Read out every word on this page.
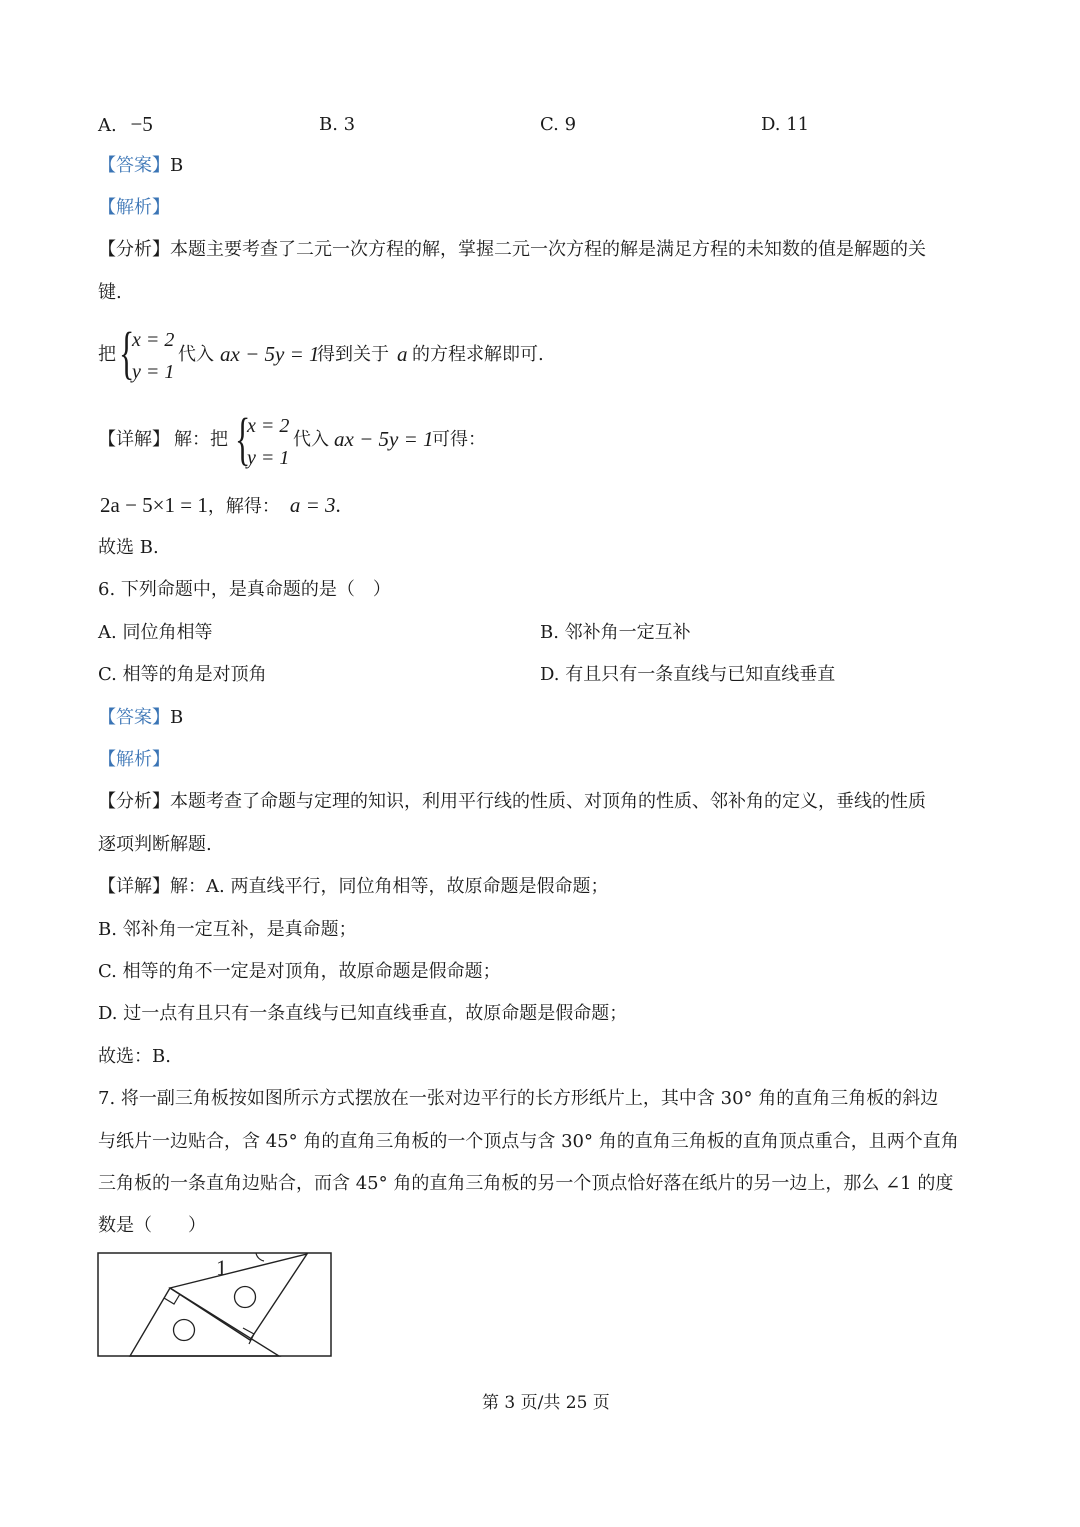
A. −5	B. 3	C. 9	D. 11
【答案】B
【解析】
【分析】本题主要考查了二元一次方程的解，掌握二元一次方程的解是满足方程的未知数的值是解题的关
键.
把 {
x = 2
y = 1
代入 ax − 5y = 1
得到关于 a 的方程求解即可.
【详解】 解：把 {
x = 2
y = 1
代入 ax − 5y = 1
可得：
2a − 5×1 = 1，解得： a = 3.
故选 B.
6. 下列命题中，是真命题的是（　）
A. 同位角相等	B. 邻补角一定互补
C. 相等的角是对顶角	D. 有且只有一条直线与已知直线垂直
【答案】B
【解析】
【分析】本题考查了命题与定理的知识，利用平行线的性质、对顶角的性质、邻补角的定义，垂线的性质
逐项判断解题.
【详解】解：A. 两直线平行，同位角相等，故原命题是假命题；
B. 邻补角一定互补，是真命题；
C. 相等的角不一定是对顶角，故原命题是假命题；
D. 过一点有且只有一条直线与已知直线垂直，故原命题是假命题；
故选：B.
7. 将一副三角板按如图所示方式摆放在一张对边平行的长方形纸片上，其中含 30° 角的直角三角板的斜边
与纸片一边贴合，含 45° 角的直角三角板的一个顶点与含 30° 角的直角三角板的直角顶点重合，且两个直角
三角板的一条直角边贴合，而含 45° 角的直角三角板的另一个顶点恰好落在纸片的另一边上，那么 ∠1 的度
数是（　　）
1
第 3 页/共 25 页
